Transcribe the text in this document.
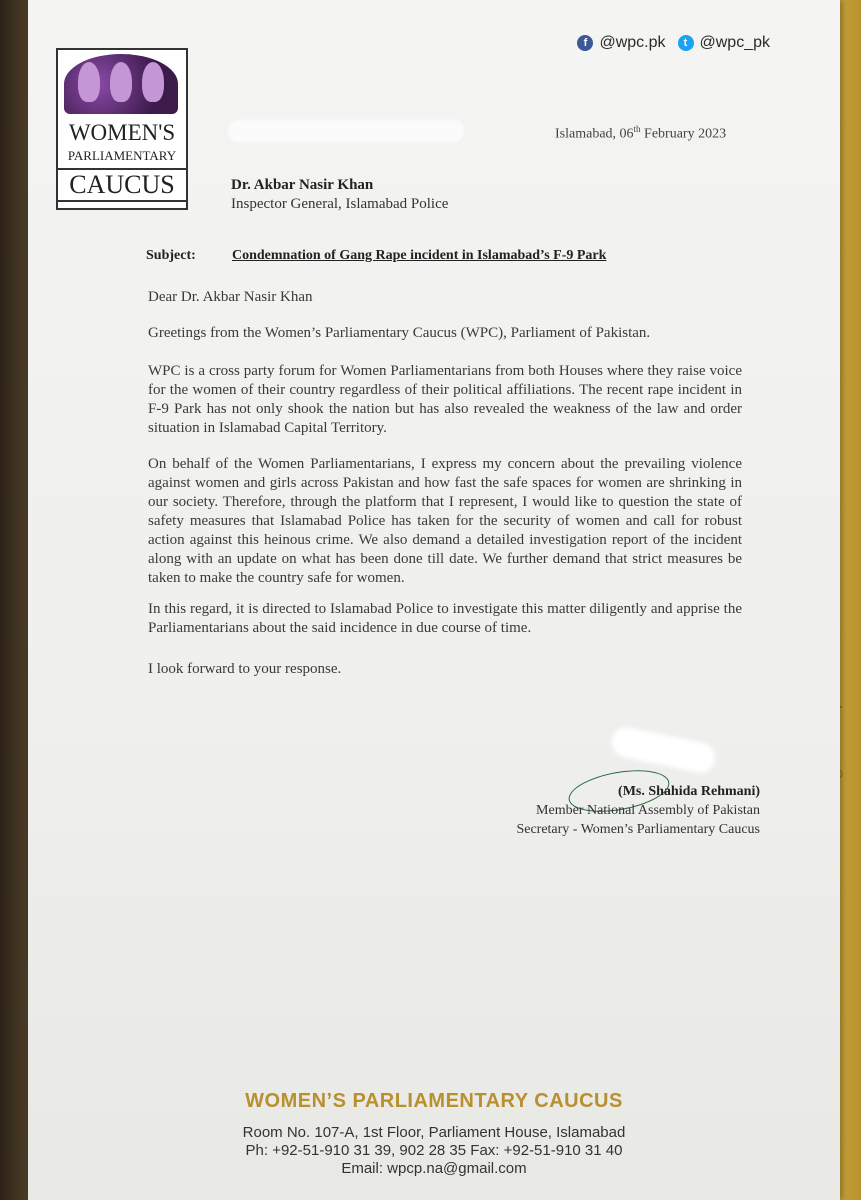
f @wpc.pk	t @wpc_pk
WOMEN'S
PARLIAMENTARY
CAUCUS
Islamabad, 06th February 2023
Dr. Akbar Nasir Khan
Inspector General, Islamabad Police
Subject:	Condemnation of Gang Rape incident in Islamabad’s F-9 Park
Dear Dr. Akbar Nasir Khan
Greetings from the Women’s Parliamentary Caucus (WPC), Parliament of Pakistan.
WPC is a cross party forum for Women Parliamentarians from both Houses where they raise voice for the women of their country regardless of their political affiliations. The recent rape incident in F-9 Park has not only shook the nation but has also revealed the weakness of the law and order situation in Islamabad Capital Territory.
On behalf of the Women Parliamentarians, I express my concern about the prevailing violence against women and girls across Pakistan and how fast the safe spaces for women are shrinking in our society. Therefore, through the platform that I represent, I would like to question the state of safety measures that Islamabad Police has taken for the security of women and call for robust action against this heinous crime. We also demand a detailed investigation report of the incident along with an update on what has been done till date. We further demand that strict measures be taken to make the country safe for women.
In this regard, it is directed to Islamabad Police to investigate this matter diligently and apprise the Parliamentarians about the said incidence in due course of time.
I look forward to your response.
(Ms. Shahida Rehmani)
Member National Assembly of Pakistan
Secretary - Women’s Parliamentary Caucus
WOMEN’S PARLIAMENTARY CAUCUS
Room No. 107-A, 1st Floor, Parliament House, Islamabad
Ph: +92-51-910 31 39, 902 28 35 Fax: +92-51-910 31 40
Email: wpcp.na@gmail.com
